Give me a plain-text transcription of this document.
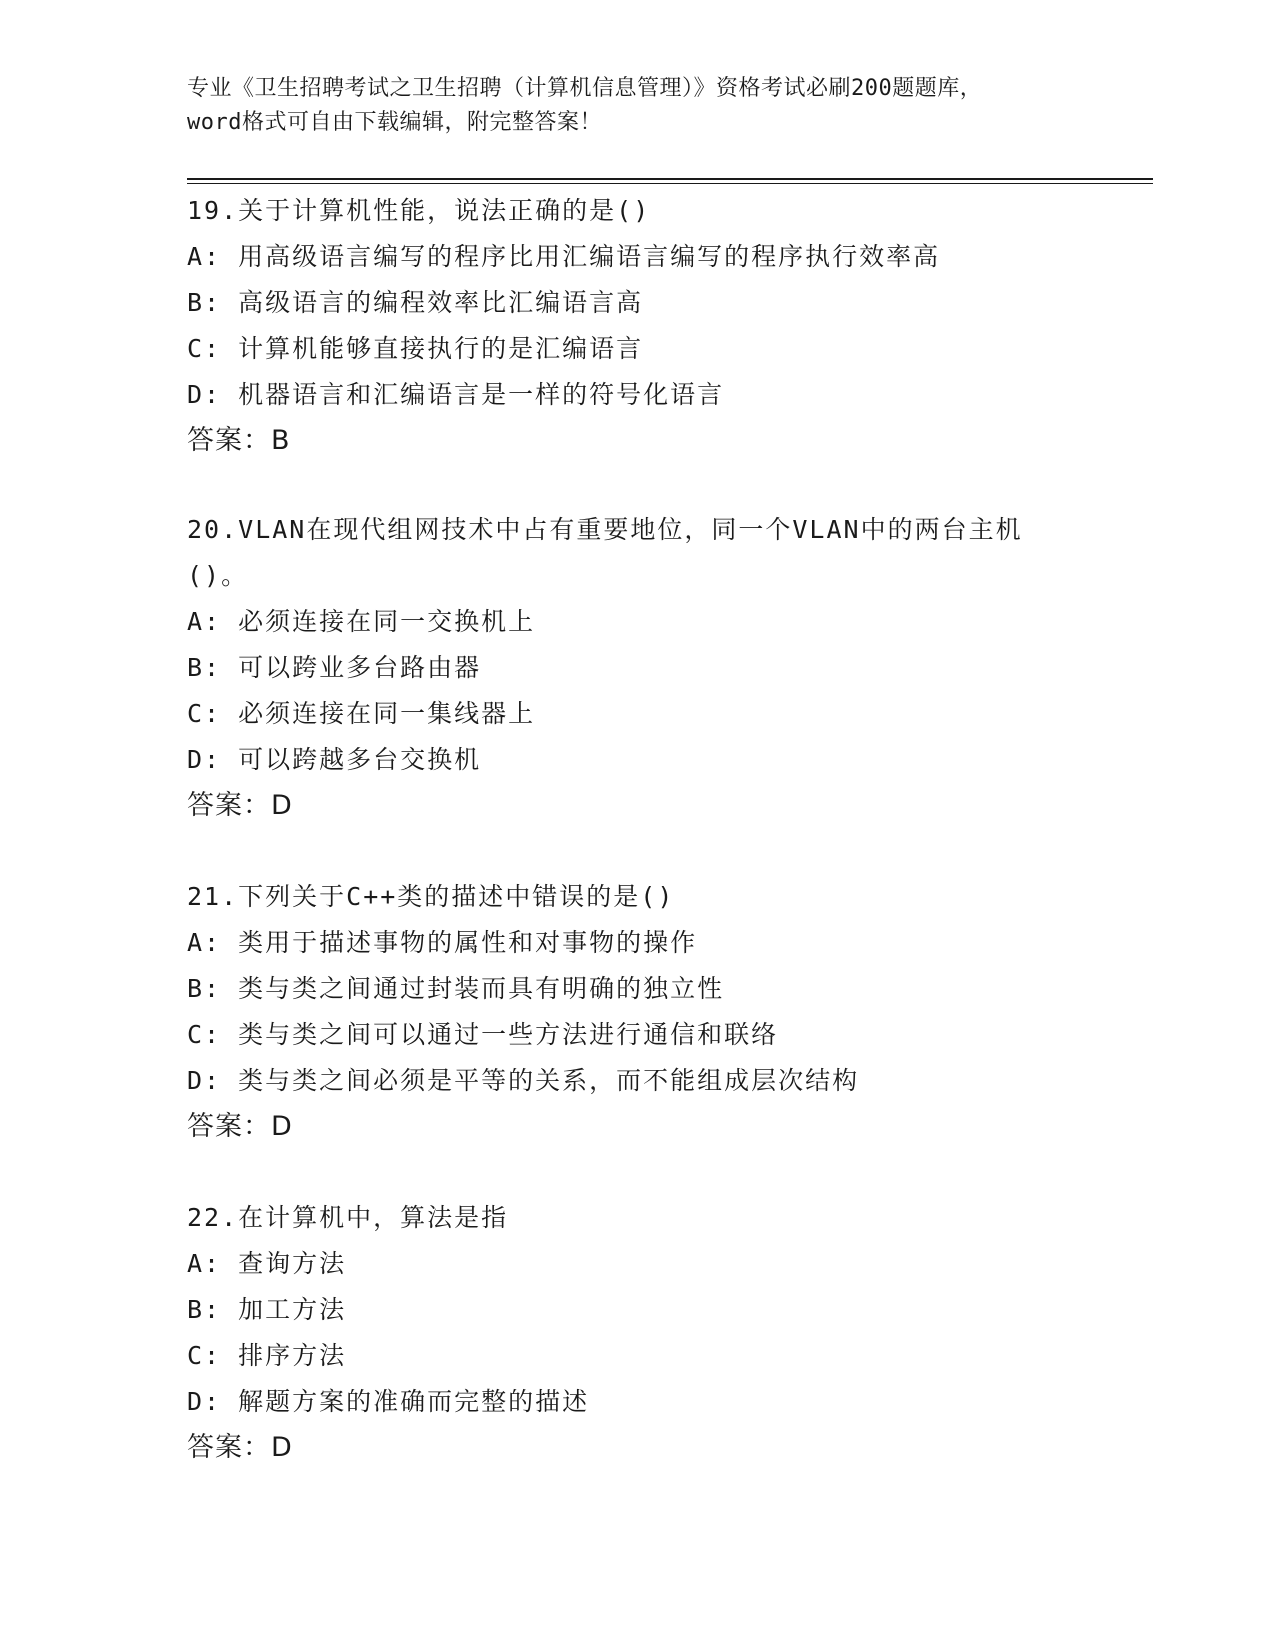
专业《卫生招聘考试之卫生招聘（计算机信息管理）》资格考试必刷200题题库，
word格式可自由下载编辑，附完整答案！
19.关于计算机性能，说法正确的是()
A: 用高级语言编写的程序比用汇编语言编写的程序执行效率高
B: 高级语言的编程效率比汇编语言高
C: 计算机能够直接执行的是汇编语言
D: 机器语言和汇编语言是一样的符号化语言
答案：B
20.VLAN在现代组网技术中占有重要地位，同一个VLAN中的两台主机
()。
A: 必须连接在同一交换机上
B: 可以跨业多台路由器
C: 必须连接在同一集线器上
D: 可以跨越多台交换机
答案：D
21.下列关于C++类的描述中错误的是()
A: 类用于描述事物的属性和对事物的操作
B: 类与类之间通过封装而具有明确的独立性
C: 类与类之间可以通过一些方法进行通信和联络
D: 类与类之间必须是平等的关系，而不能组成层次结构
答案：D
22.在计算机中，算法是指
A: 查询方法
B: 加工方法
C: 排序方法
D: 解题方案的准确而完整的描述
答案：D
